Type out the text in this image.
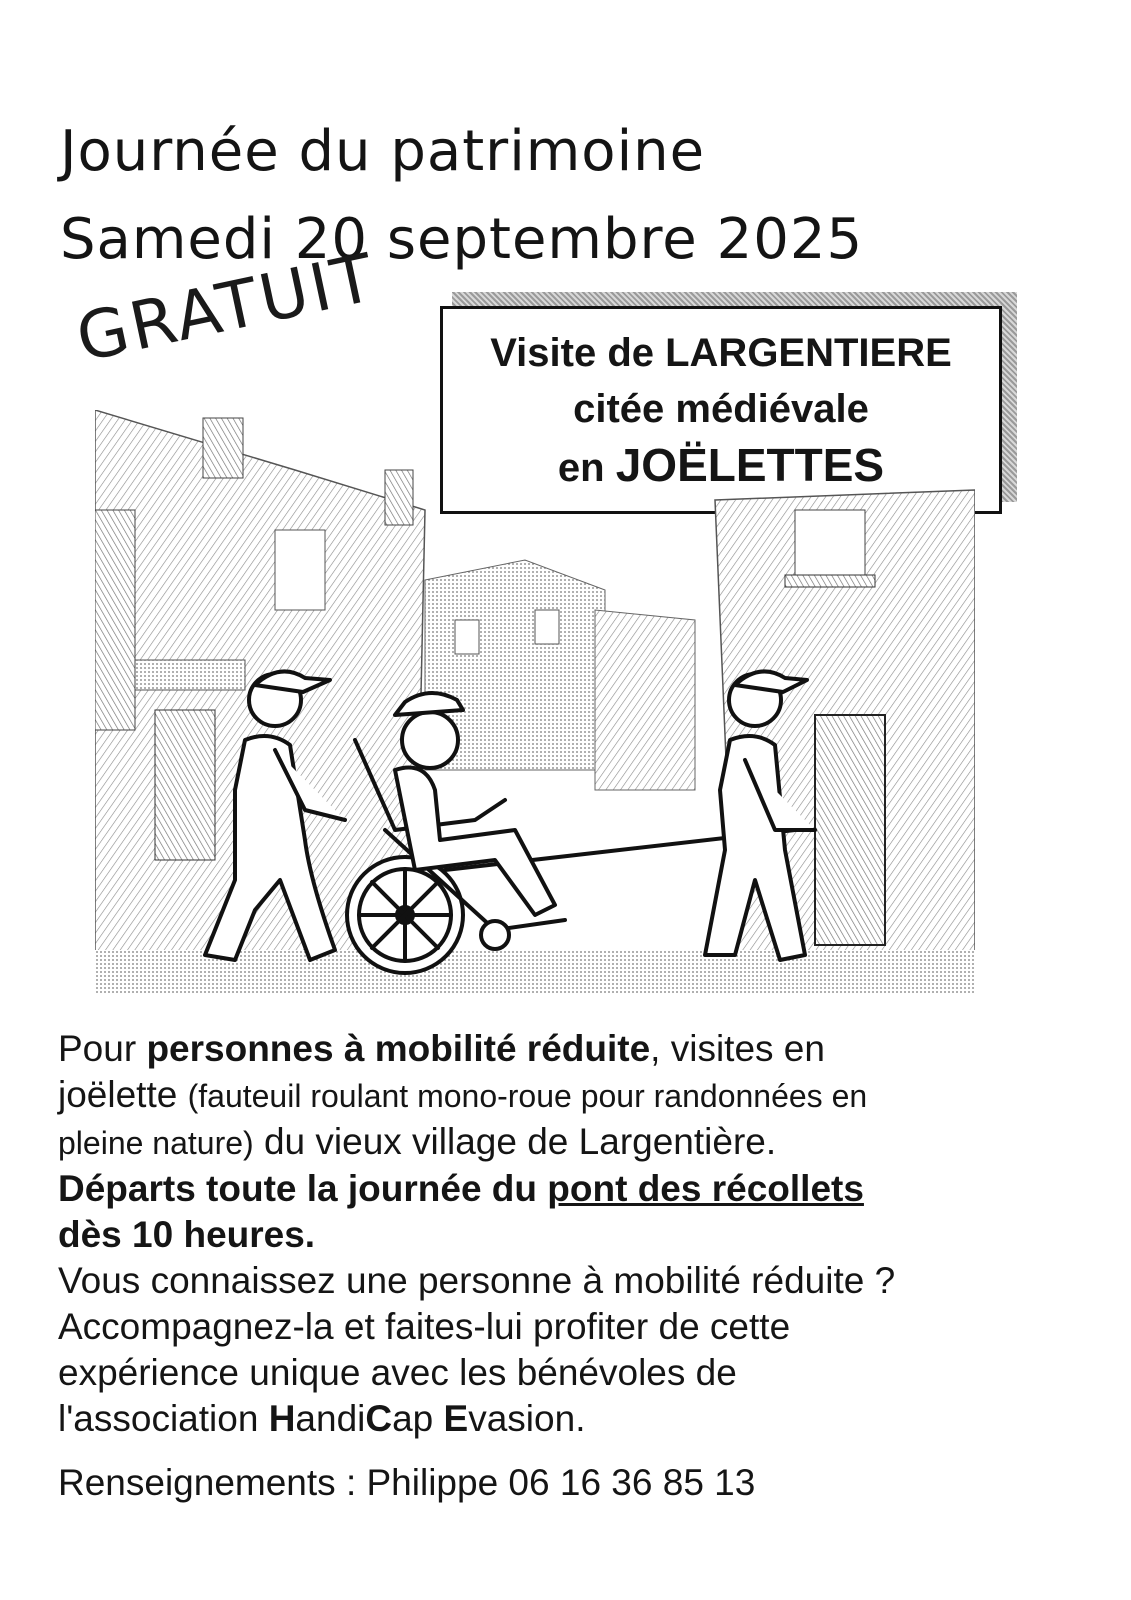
Journée du patrimoine
Samedi 20 septembre 2025
GRATUIT	Visite de LARGENTIERE
citée médiévale
en JOËLETTES

Pour personnes à mobilité réduite, visites en
joëlette (fauteuil roulant mono-roue pour randonnées en
pleine nature) du vieux village de Largentière.

Départs toute la journée du pont des récollets
dès 10 heures.

Vous connaissez une personne à mobilité réduite ?
Accompagnez-la et faites-lui profiter de cette
expérience unique avec les bénévoles de
l'association HandiCap Evasion.

Renseignements : Philippe 06 16 36 85 13
